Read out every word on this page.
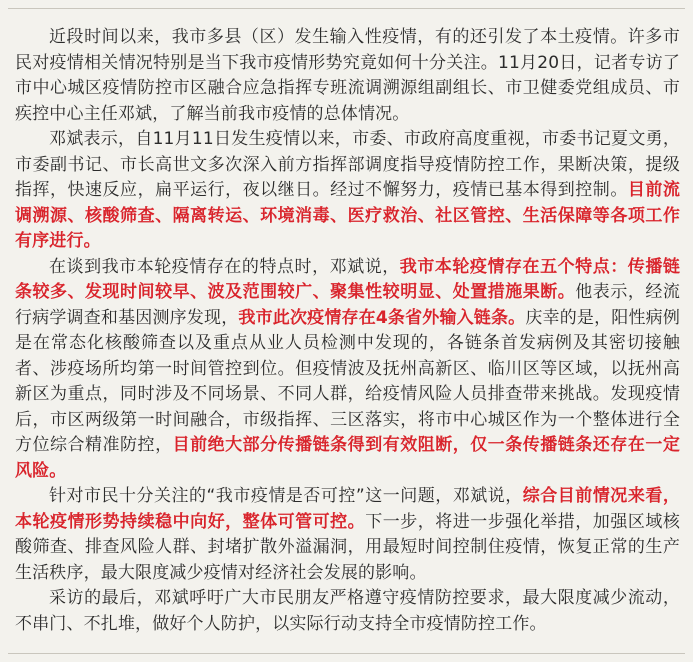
近段时间以来，我市多县（区）发生输入性疫情，有的还引发了本土疫情。许多市民对疫情相关情况特别是当下我市疫情形势究竟如何十分关注。11月20日，记者专访了市中心城区疫情防控市区融合应急指挥专班流调溯源组副组长、市卫健委党组成员、市疾控中心主任邓斌，了解当前我市疫情的总体情况。

邓斌表示，自11月11日发生疫情以来，市委、市政府高度重视，市委书记夏文勇，市委副书记、市长高世文多次深入前方指挥部调度指导疫情防控工作，果断决策，提级指挥，快速反应，扁平运行，夜以继日。经过不懈努力，疫情已基本得到控制。目前流调溯源、核酸筛查、隔离转运、环境消毒、医疗救治、社区管控、生活保障等各项工作有序进行。

在谈到我市本轮疫情存在的特点时，邓斌说，我市本轮疫情存在五个特点：传播链条较多、发现时间较早、波及范围较广、聚集性较明显、处置措施果断。他表示，经流行病学调查和基因测序发现，我市此次疫情存在4条省外输入链条。庆幸的是，阳性病例是在常态化核酸筛查以及重点从业人员检测中发现的，各链条首发病例及其密切接触者、涉疫场所均第一时间管控到位。但疫情波及抚州高新区、临川区等区域，以抚州高新区为重点，同时涉及不同场景、不同人群，给疫情风险人员排查带来挑战。发现疫情后，市区两级第一时间融合，市级指挥、三区落实，将市中心城区作为一个整体进行全方位综合精准防控，目前绝大部分传播链条得到有效阻断，仅一条传播链条还存在一定风险。

针对市民十分关注的“我市疫情是否可控”这一问题，邓斌说，综合目前情况来看，本轮疫情形势持续稳中向好，整体可管可控。下一步，将进一步强化举措，加强区域核酸筛查、排查风险人群、封堵扩散外溢漏洞，用最短时间控制住疫情，恢复正常的生产生活秩序，最大限度减少疫情对经济社会发展的影响。

采访的最后，邓斌呼吁广大市民朋友严格遵守疫情防控要求，最大限度减少流动，不串门、不扎堆，做好个人防护，以实际行动支持全市疫情防控工作。
